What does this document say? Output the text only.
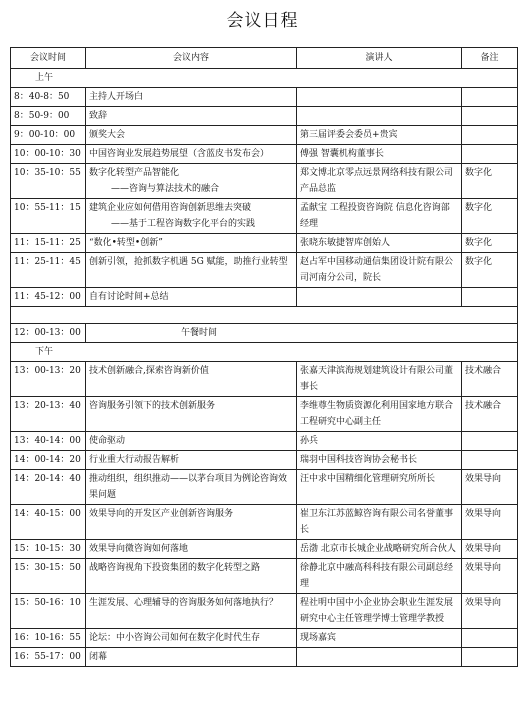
会议日程
会议时间	会议内容	演讲人	备注
上午			
8：40-8：50	主持人开场白		
8：50-9：00	致辞		
9：00-10：00	颁奖大会	第三届评委会委员+贵宾	
10：00-10：30	中国咨询业发展趋势展望（含蓝皮书发布会）	傅强 智囊机构董事长	
10：35-10：55	数字化转型产品智能化
——咨询与算法技术的融合	郑文博北京零点远景网络科技有限公司 产品总监	数字化
10：55-11：15	建筑企业应如何借用咨询创新思维去突破
——基于工程咨询数字化平台的实践	孟献宝 工程投资咨询院 信息化咨询部经理	数字化
11：15-11：25	“数化•转型•创新”	张晓东敏捷智库创始人	数字化
11：25-11：45	创新引领，抢抓数字机遇 5G 赋能，助推行业转型	赵占军中国移动通信集团设计院有限公司河南分公司，院长	数字化
11：45-12：00	自有讨论时间+总结		

12：00-13：00	午餐时间		
下午			
13：00-13：20	技术创新融合,探索咨询新价值	张嘉天津滨海规划建筑设计有限公司董事长	技术融合
13：20-13：40	咨询服务引领下的技术创新服务	李维尊生物质资源化利用国家地方联合工程研究中心副主任	技术融合
13：40-14：00	使命驱动	孙兵	
14：00-14：20	行业重大行动报告解析	瑞羽中国科技咨询协会秘书长	
14：20-14：40	推动组织，组织推动——以茅台项目为例论咨询效果问题	汪中求中国精细化管理研究所所长	效果导向
14：40-15：00	效果导向的开发区产业创新咨询服务	崔卫东江苏蓝鲸咨询有限公司名誉董事长	效果导向
15：10-15：30	效果导向微咨询如何落地	岳渤 北京市长城企业战略研究所合伙人	效果导向
15：30-15：50	战略咨询视角下投资集团的数字化转型之路	徐静北京中融高科科技有限公司副总经理	效果导向
15：50-16：10	生涯发展、心理辅导的咨询服务如何落地执行？	程社明中国中小企业协会职业生涯发展研究中心主任管理学博士管理学教授	效果导向
16：10-16：55	论坛：中小咨询公司如何在数字化时代生存	现场嘉宾	
16：55-17：00	闭幕		
